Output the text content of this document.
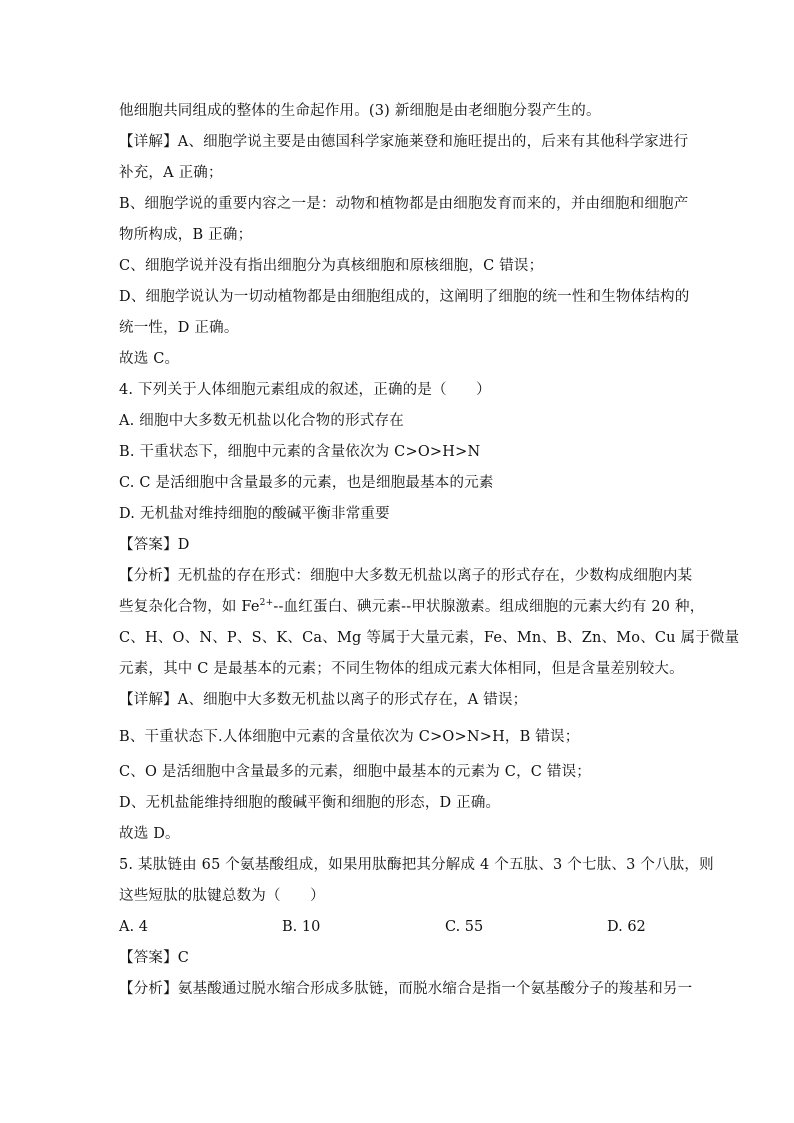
他细胞共同组成的整体的生命起作用。(3) 新细胞是由老细胞分裂产生的。
【详解】A、细胞学说主要是由德国科学家施莱登和施旺提出的，后来有其他科学家进行
补充，A 正确；
B、细胞学说的重要内容之一是：动物和植物都是由细胞发育而来的，并由细胞和细胞产
物所构成，B 正确；
C、细胞学说并没有指出细胞分为真核细胞和原核细胞，C 错误；
D、细胞学说认为一切动植物都是由细胞组成的，这阐明了细胞的统一性和生物体结构的
统一性，D 正确。
故选 C。
4. 下列关于人体细胞元素组成的叙述，正确的是（　　）
A. 细胞中大多数无机盐以化合物的形式存在
B. 干重状态下，细胞中元素的含量依次为 C>O>H>N
C. C 是活细胞中含量最多的元素，也是细胞最基本的元素
D. 无机盐对维持细胞的酸碱平衡非常重要
【答案】D
【分析】无机盐的存在形式：细胞中大多数无机盐以离子的形式存在，少数构成细胞内某
些复杂化合物，如 $Fe^{2+}--$血红蛋白、碘元素--甲状腺激素。组成细胞的元素大约有 20 种，
C、H、O、N、P、S、K、Ca、Mg 等属于大量元素，Fe、Mn、B、Zn、Mo、Cu 属于微量
元素，其中 C 是最基本的元素；不同生物体的组成元素大体相同，但是含量差别较大。
【详解】A、细胞中大多数无机盐以离子的形式存在，A 错误；
B、干重状态下.人体细胞中元素的含量依次为 C>O>N>H，B 错误；
C、O 是活细胞中含量最多的元素，细胞中最基本的元素为 C，C 错误；
D、无机盐能维持细胞的酸碱平衡和细胞的形态，D 正确。
故选 D。
5. 某肽链由 65 个氨基酸组成，如果用肽酶把其分解成 4 个五肽、3 个七肽、3 个八肽，则
这些短肽的肽键总数为（　　）
A. 4	B. 10	C. 55	D. 62
【答案】C
【分析】氨基酸通过脱水缩合形成多肽链，而脱水缩合是指一个氨基酸分子的羧基和另一
